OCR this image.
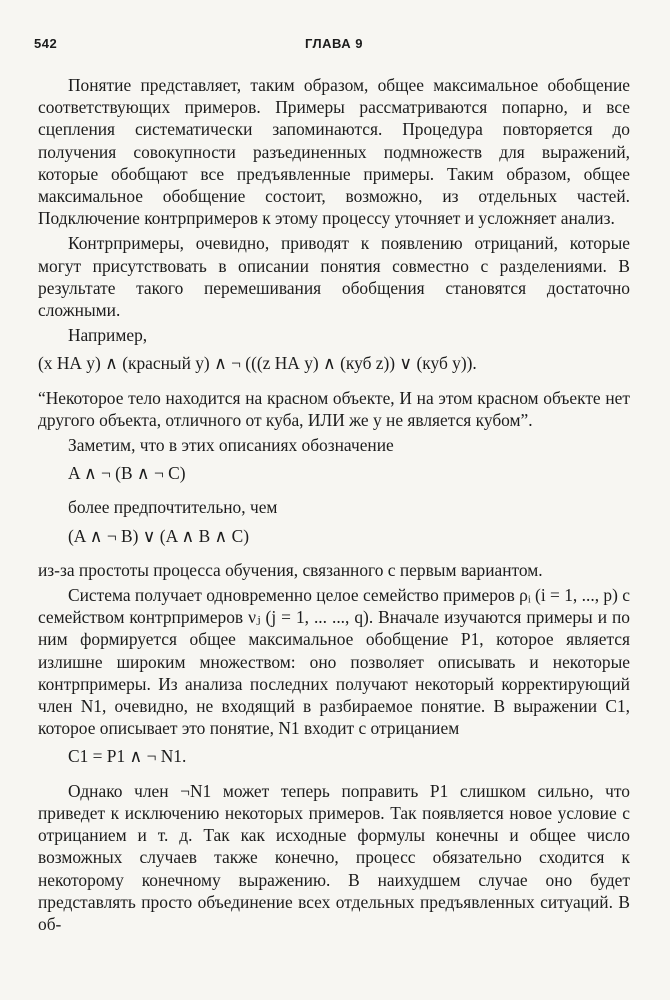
542	ГЛАВА 9

Понятие представляет, таким образом, общее максимальное обобщение соответствующих примеров. Примеры рассматриваются попарно, и все сцепления систематически запоминаются. Процедура повторяется до получения совокупности разъединенных подмножеств для выражений, которые обобщают все предъявленные примеры. Таким образом, общее максимальное обобщение состоит, возможно, из отдельных частей. Подключение контрпримеров к этому процессу уточняет и усложняет анализ.

Контрпримеры, очевидно, приводят к появлению отрицаний, которые могут присутствовать в описании понятия совместно с разделениями. В результате такого перемешивания обобщения становятся достаточно сложными.

Например,

(x НА y) ∧ (красный y) ∧ ¬ (((z НА y) ∧ (куб z)) ∨ (куб y)).

“Некоторое тело находится на красном объекте, И на этом красном объекте нет другого объекта, отличного от куба, ИЛИ же y не является кубом”.

Заметим, что в этих описаниях обозначение

A ∧ ¬ (B ∧ ¬ C)

более предпочтительно, чем

(A ∧ ¬ B) ∨ (A ∧ B ∧ C)

из-за простоты процесса обучения, связанного с первым вариантом.

Система получает одновременно целое семейство примеров ρᵢ (i = 1, ..., p) с семейством контрпримеров νⱼ (j = 1, ... ..., q). Вначале изучаются примеры и по ним формируется общее максимальное обобщение P1, которое является излишне широким множеством: оно позволяет описывать и некоторые контрпримеры. Из анализа последних получают некоторый корректирующий член N1, очевидно, не входящий в разбираемое понятие. В выражении C1, которое описывает это понятие, N1 входит с отрицанием

C1 = P1 ∧ ¬ N1.

Однако член ¬N1 может теперь поправить P1 слишком сильно, что приведет к исключению некоторых примеров. Так появляется новое условие с отрицанием и т. д. Так как исходные формулы конечны и общее число возможных случаев также конечно, процесс обязательно сходится к некоторому конечному выражению. В наихудшем случае оно будет представлять просто объединение всех отдельных предъявленных ситуаций. В об-
